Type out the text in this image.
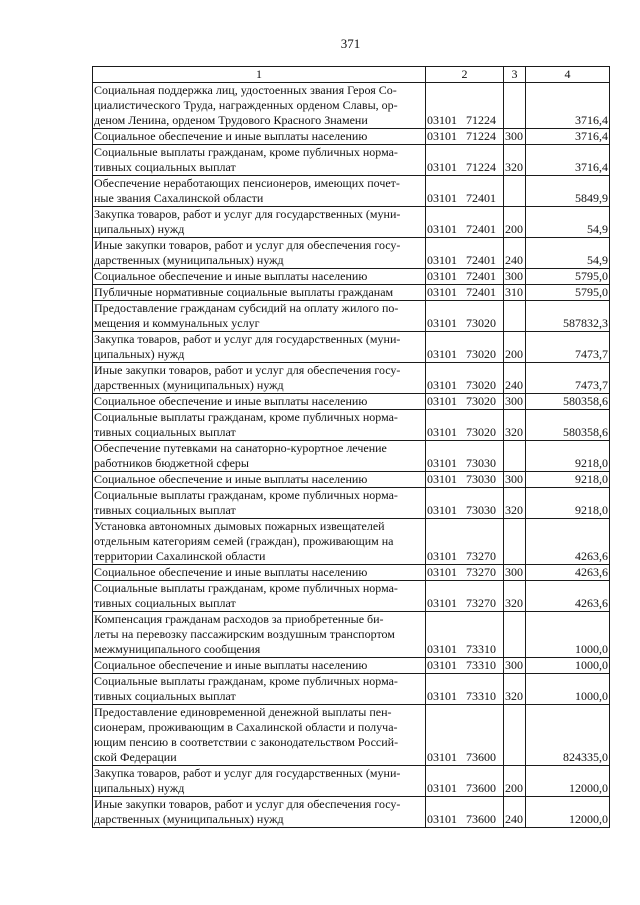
371
1	2	3	4
Социальная поддержка лиц, удостоенных звания Героя Со-
циалистического Труда, награжденных орденом Славы, ор-
деном Ленина, орденом Трудового Красного Знамени	03101 71224		3716,4
Социальное обеспечение и иные выплаты населению	03101 71224	300	3716,4
Социальные выплаты гражданам, кроме публичных норма-
тивных социальных выплат	03101 71224	320	3716,4
Обеспечение неработающих пенсионеров, имеющих почет-
ные звания Сахалинской области	03101 72401		5849,9
Закупка товаров, работ и услуг для государственных (муни-
ципальных) нужд	03101 72401	200	54,9
Иные закупки товаров, работ и услуг для обеспечения госу-
дарственных (муниципальных) нужд	03101 72401	240	54,9
Социальное обеспечение и иные выплаты населению	03101 72401	300	5795,0
Публичные нормативные социальные выплаты гражданам	03101 72401	310	5795,0
Предоставление гражданам субсидий на оплату жилого по-
мещения и коммунальных услуг	03101 73020		587832,3
Закупка товаров, работ и услуг для государственных (муни-
ципальных) нужд	03101 73020	200	7473,7
Иные закупки товаров, работ и услуг для обеспечения госу-
дарственных (муниципальных) нужд	03101 73020	240	7473,7
Социальное обеспечение и иные выплаты населению	03101 73020	300	580358,6
Социальные выплаты гражданам, кроме публичных норма-
тивных социальных выплат	03101 73020	320	580358,6
Обеспечение путевками на санаторно-курортное лечение
работников бюджетной сферы	03101 73030		9218,0
Социальное обеспечение и иные выплаты населению	03101 73030	300	9218,0
Социальные выплаты гражданам, кроме публичных норма-
тивных социальных выплат	03101 73030	320	9218,0
Установка автономных дымовых пожарных извещателей
отдельным категориям семей (граждан), проживающим на
территории Сахалинской области	03101 73270		4263,6
Социальное обеспечение и иные выплаты населению	03101 73270	300	4263,6
Социальные выплаты гражданам, кроме публичных норма-
тивных социальных выплат	03101 73270	320	4263,6
Компенсация гражданам расходов за приобретенные би-
леты на перевозку пассажирским воздушным транспортом
межмуниципального сообщения	03101 73310		1000,0
Социальное обеспечение и иные выплаты населению	03101 73310	300	1000,0
Социальные выплаты гражданам, кроме публичных норма-
тивных социальных выплат	03101 73310	320	1000,0
Предоставление единовременной денежной выплаты пен-
сионерам, проживающим в Сахалинской области и получа-
ющим пенсию в соответствии с законодательством Россий-
ской Федерации	03101 73600		824335,0
Закупка товаров, работ и услуг для государственных (муни-
ципальных) нужд	03101 73600	200	12000,0
Иные закупки товаров, работ и услуг для обеспечения госу-
дарственных (муниципальных) нужд	03101 73600	240	12000,0
